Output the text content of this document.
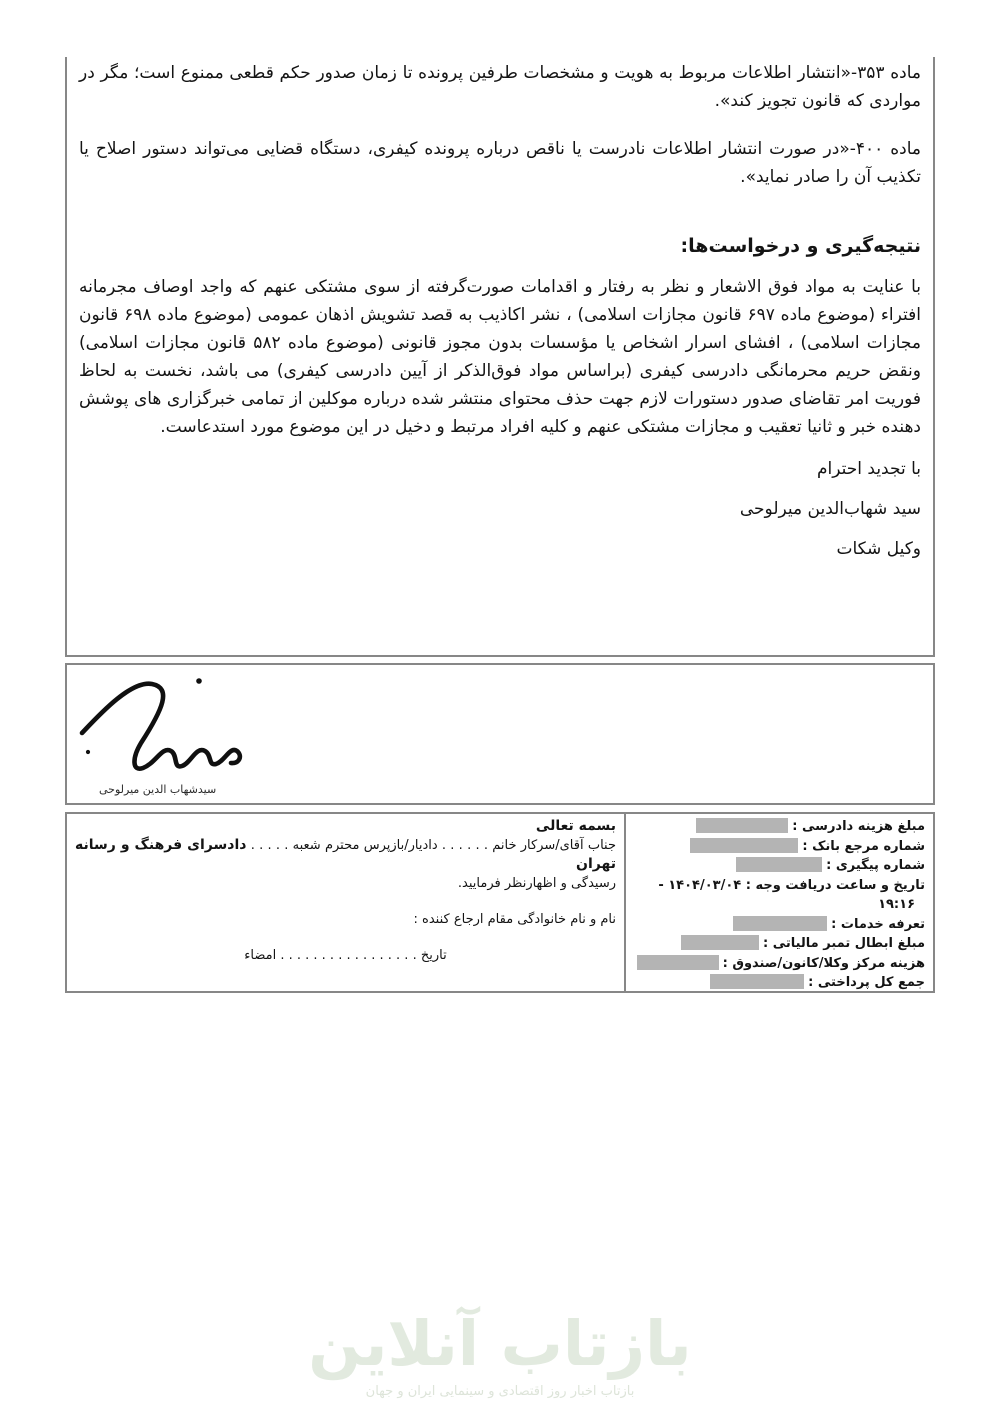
ماده ۳۵۳-«انتشار اطلاعات مربوط به هویت و مشخصات طرفین پرونده تا زمان صدور حکم قطعی ممنوع است؛ مگر در مواردی که قانون تجویز کند».

ماده ۴۰۰-«در صورت انتشار اطلاعات نادرست یا ناقص درباره پرونده کیفری، دستگاه قضایی می‌تواند دستور اصلاح یا تکذیب آن را صادر نماید».

نتیجه‌گیری و درخواست‌ها:

با عنایت به مواد فوق الاشعار و نظر به رفتار و اقدامات صورت‌گرفته از سوی مشتکی عنهم که واجد اوصاف مجرمانه افتراء (موضوع ماده ۶۹۷ قانون مجازات اسلامی) ، نشر اکاذیب به قصد تشویش اذهان عمومی (موضوع ماده ۶۹۸ قانون مجازات اسلامی) ، افشای اسرار اشخاص یا مؤسسات بدون مجوز قانونی (موضوع ماده ۵۸۲ قانون مجازات اسلامی) ونقض حریم محرمانگی دادرسی کیفری (براساس مواد فوق‌الذکر از آیین دادرسی کیفری) می باشد، نخست به لحاظ فوریت امر تقاضای صدور دستورات لازم جهت حذف محتوای منتشر شده درباره موکلین از تمامی خبرگزاری های پوشش دهنده خبر و ثانیا تعقیب و مجازات مشتکی عنهم و کلیه افراد مرتبط و دخیل در این موضوع مورد استدعاست.

با تجدید احترام

سید شهاب‌الدین میرلوحی

وکیل شکات

سیدشهاب الدین میرلوحی
بسمه تعالی
جناب آقای/سرکار خانم . . . . . . دادیار/بازپرس محترم شعبه . . . . . دادسرای فرهنگ و رسانه تهران
رسیدگی و اظهارنظر فرمایید.
نام و نام خانوادگی مقام ارجاع کننده :
تاریخ . . . . . . . . . . . . . . . . . امضاء
مبلغ هزینه دادرسی :
شماره مرجع بانک :
شماره پیگیری :
تاریخ و ساعت دریافت وجه : ۱۴۰۴/۰۳/۰۴ -
۱۹:۱۶
تعرفه خدمات :
مبلغ ابطال تمبر مالیاتی :
هزینه مرکز وکلا/کانون/صندوق :
جمع کل پرداختی :
بازتاب آنلاین
بازتاب اخبار روز اقتصادی و سینمایی ایران و جهان
